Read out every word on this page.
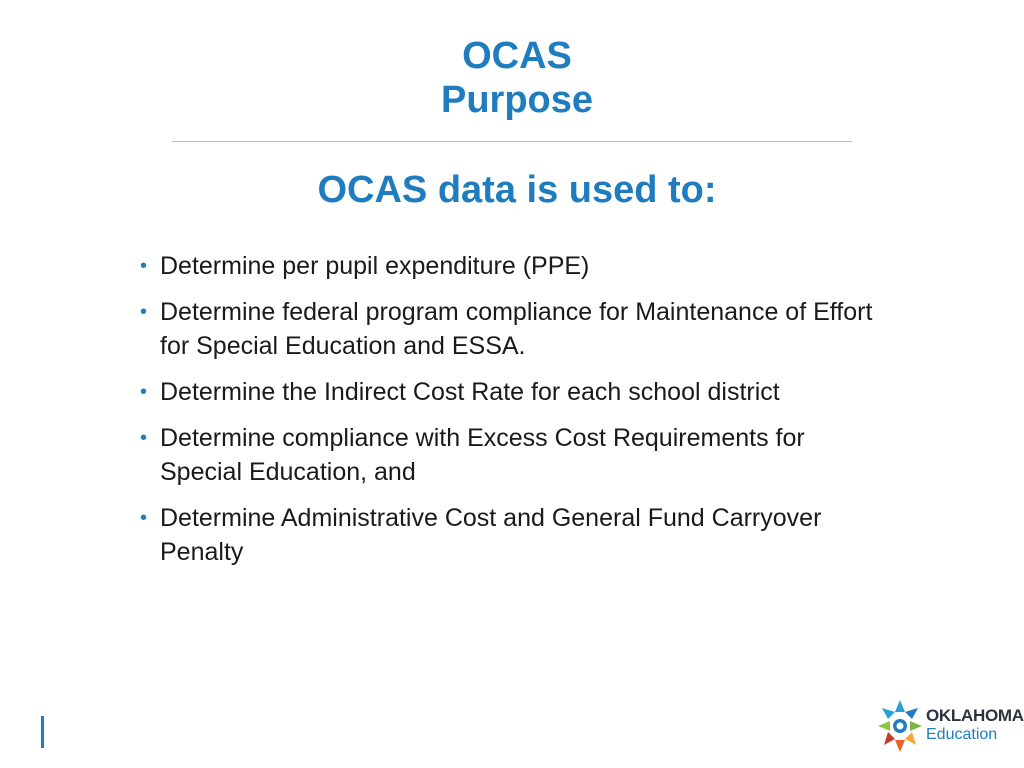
OCAS
Purpose
OCAS data is used to:
• Determine per pupil expenditure (PPE)
• Determine federal program compliance for Maintenance of Effort for Special Education and ESSA.
• Determine the Indirect Cost Rate for each school district
• Determine compliance with Excess Cost Requirements for Special Education, and
• Determine Administrative Cost and General Fund Carryover Penalty
OKLAHOMA
Education
